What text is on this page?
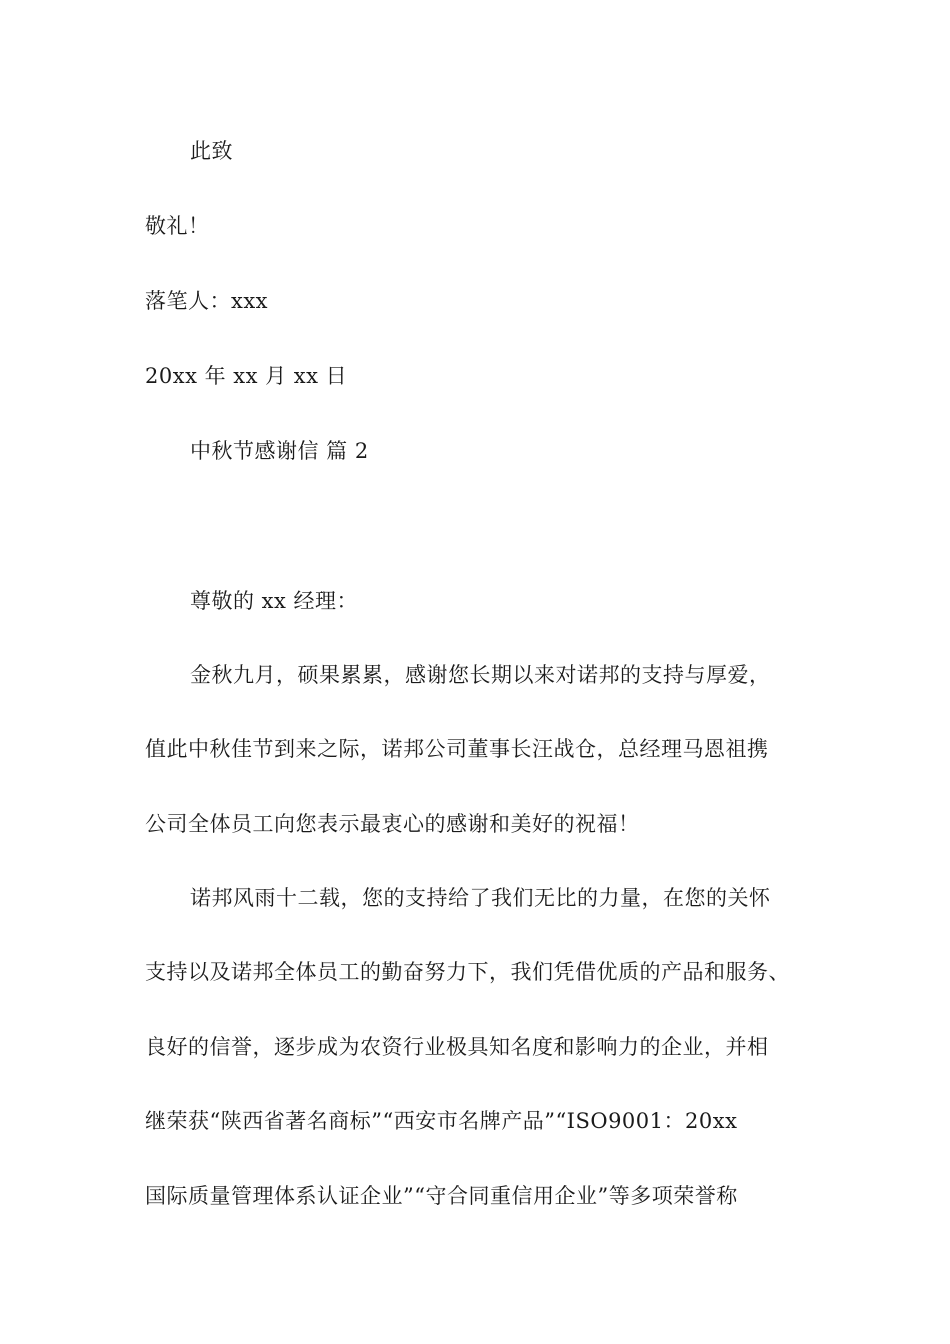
此致
敬礼！
落笔人：xxx
20xx 年 xx 月 xx 日
中秋节感谢信 篇 2
尊敬的 xx 经理：
金秋九月，硕果累累，感谢您长期以来对诺邦的支持与厚爱，
值此中秋佳节到来之际，诺邦公司董事长汪战仓，总经理马恩祖携
公司全体员工向您表示最衷心的感谢和美好的祝福！
诺邦风雨十二载，您的支持给了我们无比的力量，在您的关怀
支持以及诺邦全体员工的勤奋努力下，我们凭借优质的产品和服务、
良好的信誉，逐步成为农资行业极具知名度和影响力的企业，并相
继荣获“陕西省著名商标”“西安市名牌产品”“ISO9001：20xx
国际质量管理体系认证企业”“守合同重信用企业”等多项荣誉称
